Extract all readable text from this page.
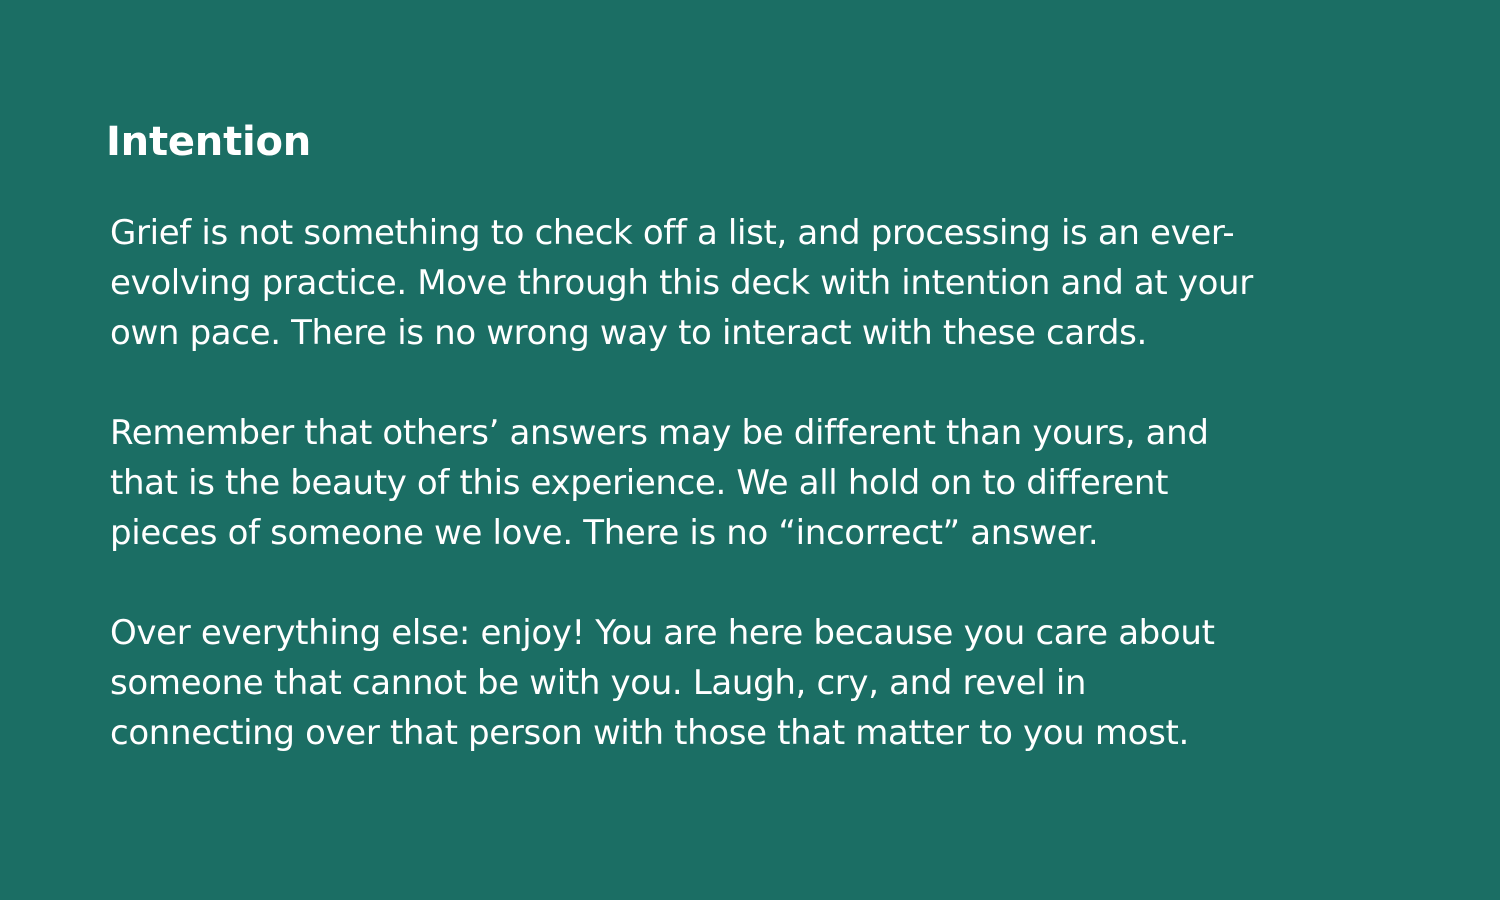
Intention

Grief is not something to check off a list, and processing is an ever-
evolving practice. Move through this deck with intention and at your
own pace. There is no wrong way to interact with these cards.

Remember that others’ answers may be different than yours, and
that is the beauty of this experience. We all hold on to different
pieces of someone we love. There is no “incorrect” answer.

Over everything else: enjoy! You are here because you care about
someone that cannot be with you. Laugh, cry, and revel in
connecting over that person with those that matter to you most.
